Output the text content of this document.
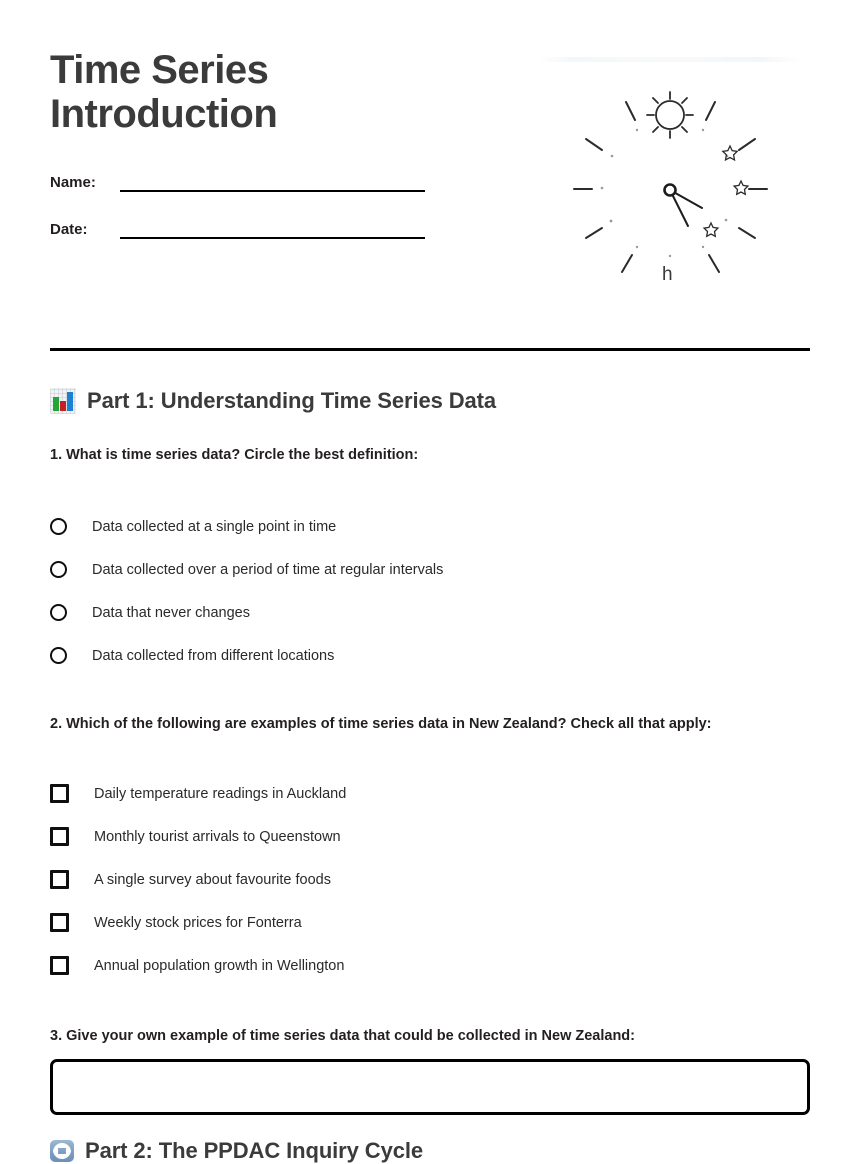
Time Series Introduction
Name:
Date:
h
Part 1: Understanding Time Series Data
1. What is time series data? Circle the best definition:
Data collected at a single point in time
Data collected over a period of time at regular intervals
Data that never changes
Data collected from different locations
2. Which of the following are examples of time series data in New Zealand? Check all that apply:
Daily temperature readings in Auckland
Monthly tourist arrivals to Queenstown
A single survey about favourite foods
Weekly stock prices for Fonterra
Annual population growth in Wellington
3. Give your own example of time series data that could be collected in New Zealand:
Part 2: The PPDAC Inquiry Cycle
